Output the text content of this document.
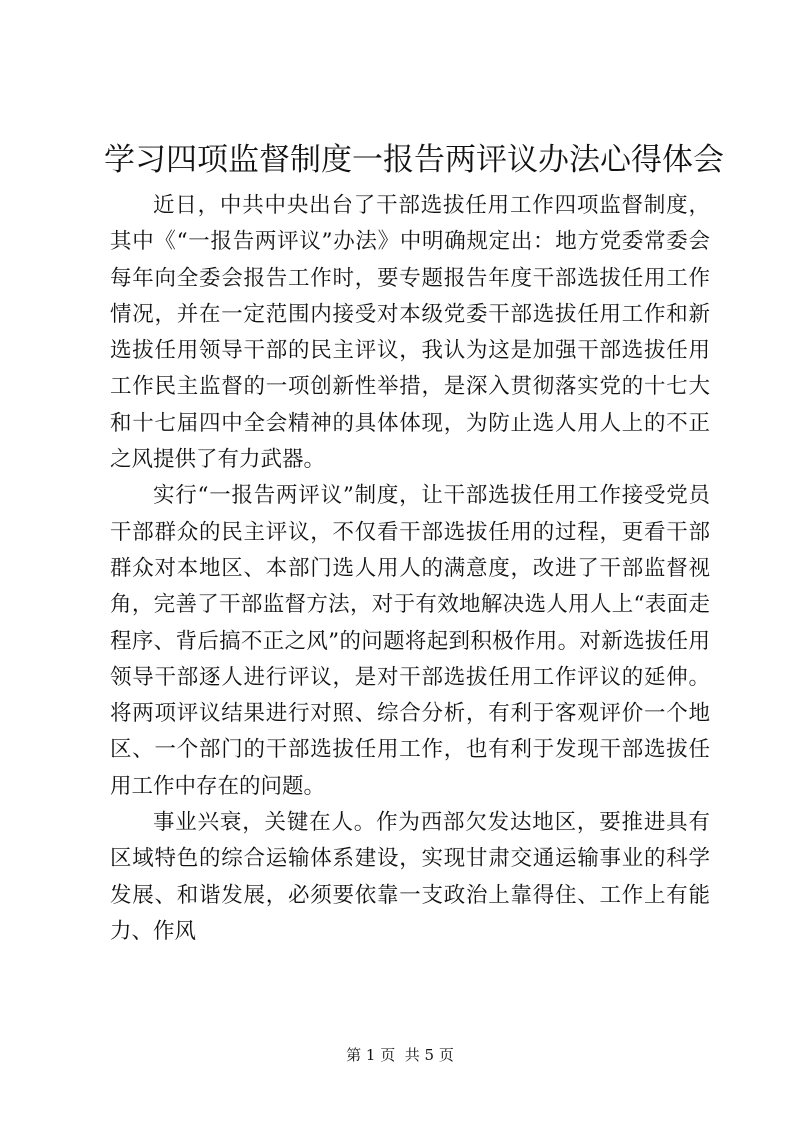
学习四项监督制度一报告两评议办法心得体会

近日，中共中央出台了干部选拔任用工作四项监督制度，其中《“一报告两评议”办法》中明确规定出：地方党委常委会每年向全委会报告工作时，要专题报告年度干部选拔任用工作情况，并在一定范围内接受对本级党委干部选拔任用工作和新选拔任用领导干部的民主评议，我认为这是加强干部选拔任用工作民主监督的一项创新性举措，是深入贯彻落实党的十七大和十七届四中全会精神的具体体现，为防止选人用人上的不正之风提供了有力武器。

实行“一报告两评议”制度，让干部选拔任用工作接受党员干部群众的民主评议，不仅看干部选拔任用的过程，更看干部群众对本地区、本部门选人用人的满意度，改进了干部监督视角，完善了干部监督方法，对于有效地解决选人用人上“表面走程序、背后搞不正之风”的问题将起到积极作用。对新选拔任用领导干部逐人进行评议，是对干部选拔任用工作评议的延伸。将两项评议结果进行对照、综合分析，有利于客观评价一个地区、一个部门的干部选拔任用工作，也有利于发现干部选拔任用工作中存在的问题。

事业兴衰，关键在人。作为西部欠发达地区，要推进具有区域特色的综合运输体系建设，实现甘肃交通运输事业的科学发展、和谐发展，必须要依靠一支政治上靠得住、工作上有能力、作风

第 1 页  共 5 页
